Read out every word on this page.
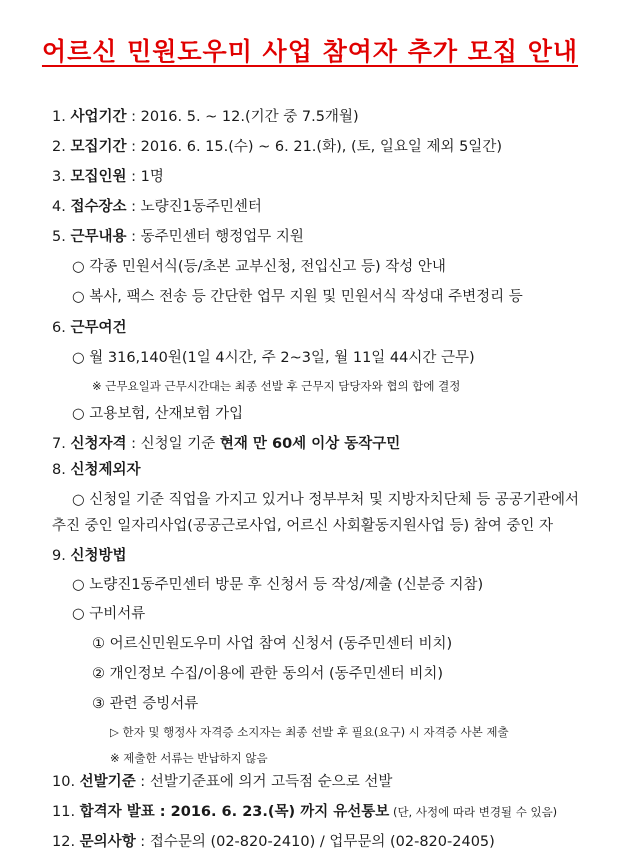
어르신 민원도우미 사업 참여자 추가 모집 안내
1. 사업기간 : 2016. 5. ~ 12.(기간 중 7.5개월)
2. 모집기간 : 2016. 6. 15.(수) ~ 6. 21.(화), (토, 일요일 제외 5일간)
3. 모집인원 : 1명
4. 접수장소 : 노량진1동주민센터
5. 근무내용 : 동주민센터 행정업무 지원
○ 각종 민원서식(등/초본 교부신청, 전입신고 등) 작성 안내
○ 복사, 팩스 전송 등 간단한 업무 지원 및 민원서식 작성대 주변정리 등
6. 근무여건
○ 월 316,140원(1일 4시간, 주 2~3일, 월 11일 44시간 근무)
※ 근무요일과 근무시간대는 최종 선발 후 근무지 담당자와 협의 합에 결정
○ 고용보험, 산재보험 가입
7. 신청자격 : 신청일 기준 현재 만 60세 이상 동작구민
8. 신청제외자
○ 신청일 기준 직업을 가지고 있거나 정부부처 및 지방자치단체 등 공공기관에서
추진 중인 일자리사업(공공근로사업, 어르신 사회활동지원사업 등) 참여 중인 자
9. 신청방법
○ 노량진1동주민센터 방문 후 신청서 등 작성/제출 (신분증 지참)
○ 구비서류
① 어르신민원도우미 사업 참여 신청서 (동주민센터 비치)
② 개인정보 수집/이용에 관한 동의서 (동주민센터 비치)
③ 관련 증빙서류
▷ 한자 및 행정사 자격증 소지자는 최종 선발 후 필요(요구) 시 자격증 사본 제출
※ 제출한 서류는 반납하지 않음
10. 선발기준 : 선발기준표에 의거 고득점 순으로 선발
11. 합격자 발표 : 2016. 6. 23.(목) 까지 유선통보 (단, 사정에 따라 변경될 수 있음)
12. 문의사항 : 접수문의 (02-820-2410) / 업무문의 (02-820-2405)
